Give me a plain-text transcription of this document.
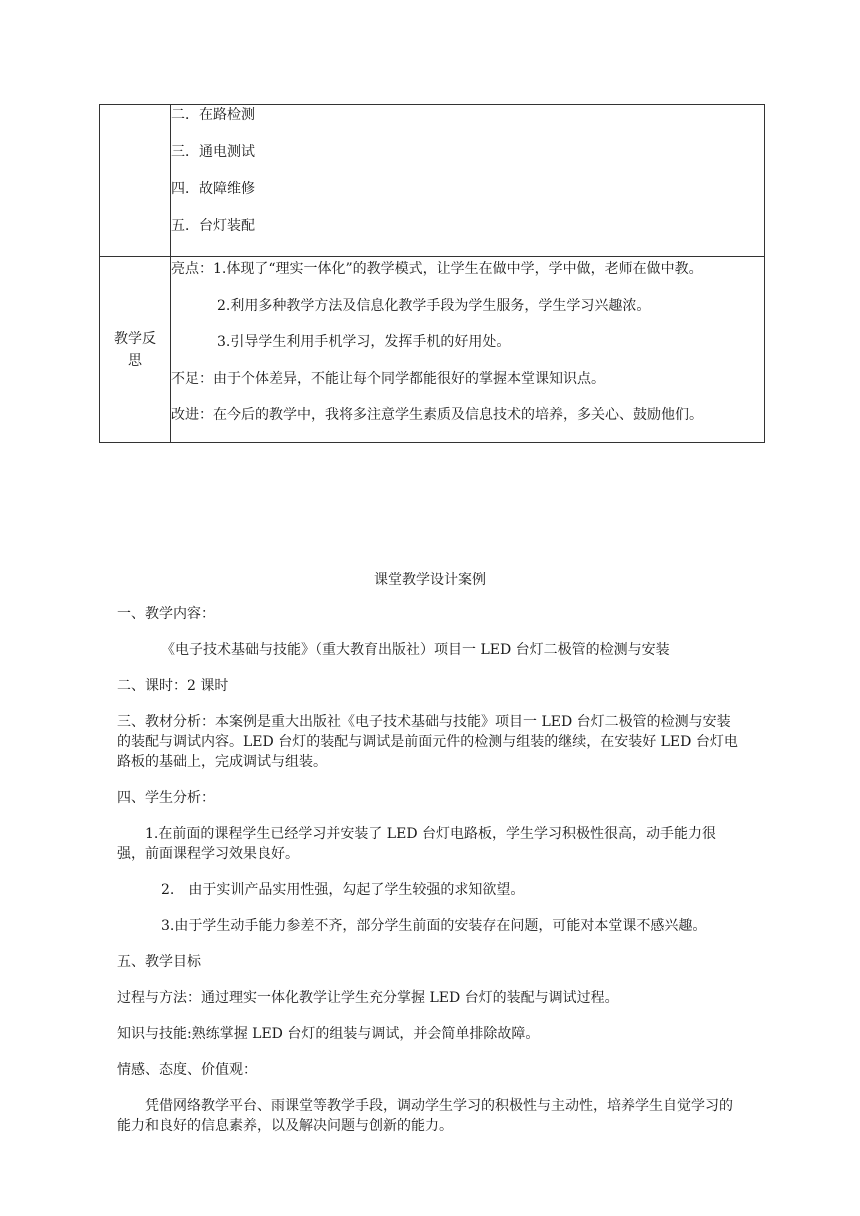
	二．在路检测
三．通电测试
四．故障维修
五．台灯装配

教学反思	亮点：1.体现了“理实一体化”的教学模式，让学生在做中学，学中做，老师在做中教。
2.利用多种教学方法及信息化教学手段为学生服务，学生学习兴趣浓。
3.引导学生利用手机学习，发挥手机的好用处。
不足：由于个体差异，不能让每个同学都能很好的掌握本堂课知识点。
改进：在今后的教学中，我将多注意学生素质及信息技术的培养，多关心、鼓励他们。
课堂教学设计案例

一、教学内容：

《电子技术基础与技能》（重大教育出版社）项目一 LED 台灯二极管的检测与安装

二、课时：2 课时

三、教材分析：本案例是重大出版社《电子技术基础与技能》项目一 LED 台灯二极管的检测与安装的装配与调试内容。LED 台灯的装配与调试是前面元件的检测与组装的继续，在安装好 LED 台灯电路板的基础上，完成调试与组装。

四、学生分析：

1.在前面的课程学生已经学习并安装了 LED 台灯电路板，学生学习积极性很高，动手能力很强，前面课程学习效果良好。

2.　由于实训产品实用性强，勾起了学生较强的求知欲望。

3.由于学生动手能力参差不齐，部分学生前面的安装存在问题，可能对本堂课不感兴趣。

五、教学目标

过程与方法：通过理实一体化教学让学生充分掌握 LED 台灯的装配与调试过程。

知识与技能:熟练掌握 LED 台灯的组装与调试，并会简单排除故障。

情感、态度、价值观：

凭借网络教学平台、雨课堂等教学手段，调动学生学习的积极性与主动性，培养学生自觉学习的能力和良好的信息素养，以及解决问题与创新的能力。
